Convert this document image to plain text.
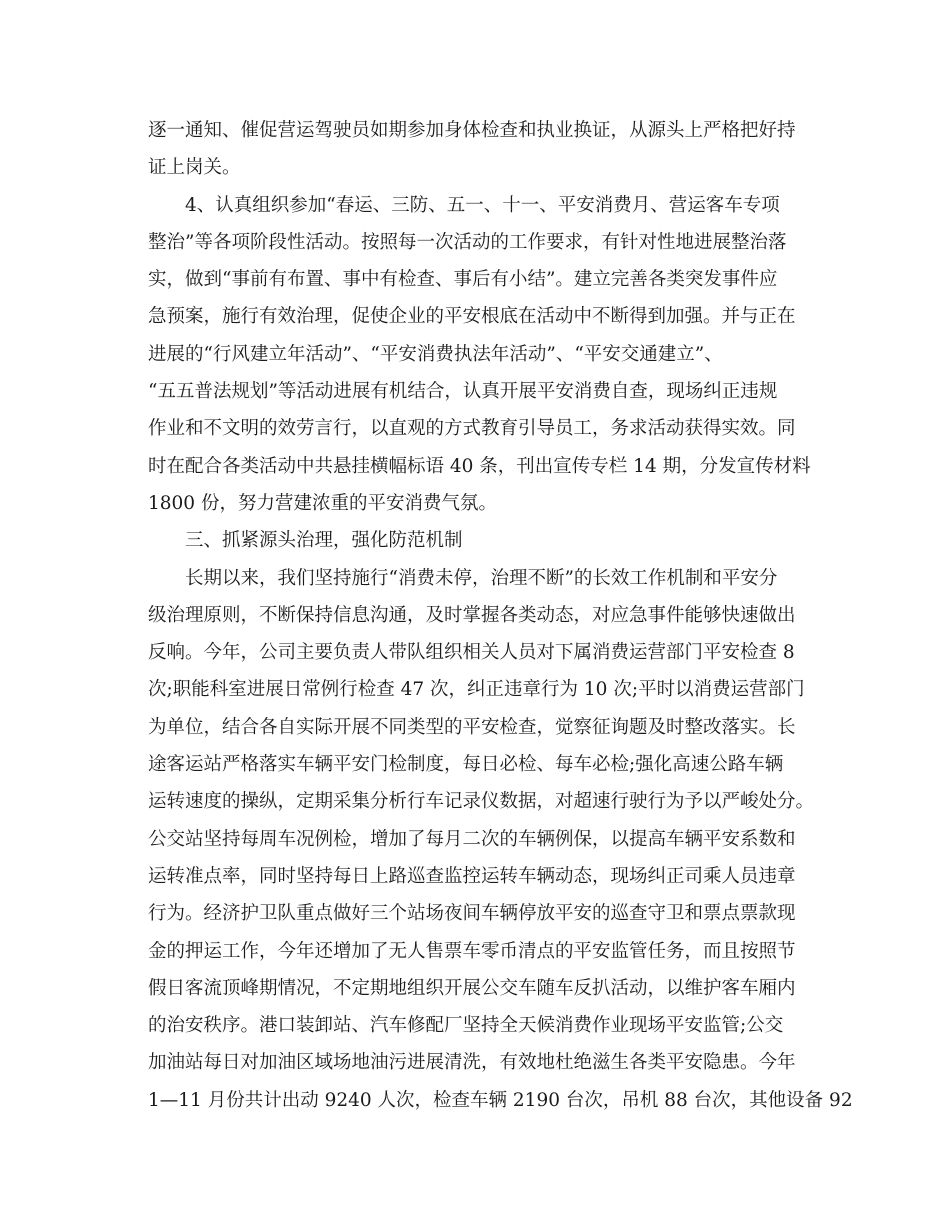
逐一通知、催促营运驾驶员如期参加身体检查和执业换证，从源头上严格把好持
证上岗关。
4、认真组织参加“春运、三防、五一、十一、平安消费月、营运客车专项
整治”等各项阶段性活动。按照每一次活动的工作要求，有针对性地进展整治落
实，做到“事前有布置、事中有检查、事后有小结”。建立完善各类突发事件应
急预案，施行有效治理，促使企业的平安根底在活动中不断得到加强。并与正在
进展的“行风建立年活动”、“平安消费执法年活动”、“平安交通建立”、
“五五普法规划”等活动进展有机结合，认真开展平安消费自查，现场纠正违规
作业和不文明的效劳言行，以直观的方式教育引导员工，务求活动获得实效。同
时在配合各类活动中共悬挂横幅标语 40 条，刊出宣传专栏 14 期，分发宣传材料
1800 份，努力营建浓重的平安消费气氛。
三、抓紧源头治理，强化防范机制
长期以来，我们坚持施行“消费未停，治理不断”的长效工作机制和平安分
级治理原则，不断保持信息沟通，及时掌握各类动态，对应急事件能够快速做出
反响。今年，公司主要负责人带队组织相关人员对下属消费运营部门平安检查 8
次;职能科室进展日常例行检查 47 次，纠正违章行为 10 次;平时以消费运营部门
为单位，结合各自实际开展不同类型的平安检查，觉察征询题及时整改落实。长
途客运站严格落实车辆平安门检制度，每日必检、每车必检;强化高速公路车辆
运转速度的操纵，定期采集分析行车记录仪数据，对超速行驶行为予以严峻处分。
公交站坚持每周车况例检，增加了每月二次的车辆例保，以提高车辆平安系数和
运转准点率，同时坚持每日上路巡查监控运转车辆动态，现场纠正司乘人员违章
行为。经济护卫队重点做好三个站场夜间车辆停放平安的巡查守卫和票点票款现
金的押运工作，今年还增加了无人售票车零币清点的平安监管任务，而且按照节
假日客流顶峰期情况，不定期地组织开展公交车随车反扒活动，以维护客车厢内
的治安秩序。港口装卸站、汽车修配厂坚持全天候消费作业现场平安监管;公交
加油站每日对加油区域场地油污进展清洗，有效地杜绝滋生各类平安隐患。今年
1—11 月份共计出动 9240 人次，检查车辆 2190 台次，吊机 88 台次，其他设备 92
